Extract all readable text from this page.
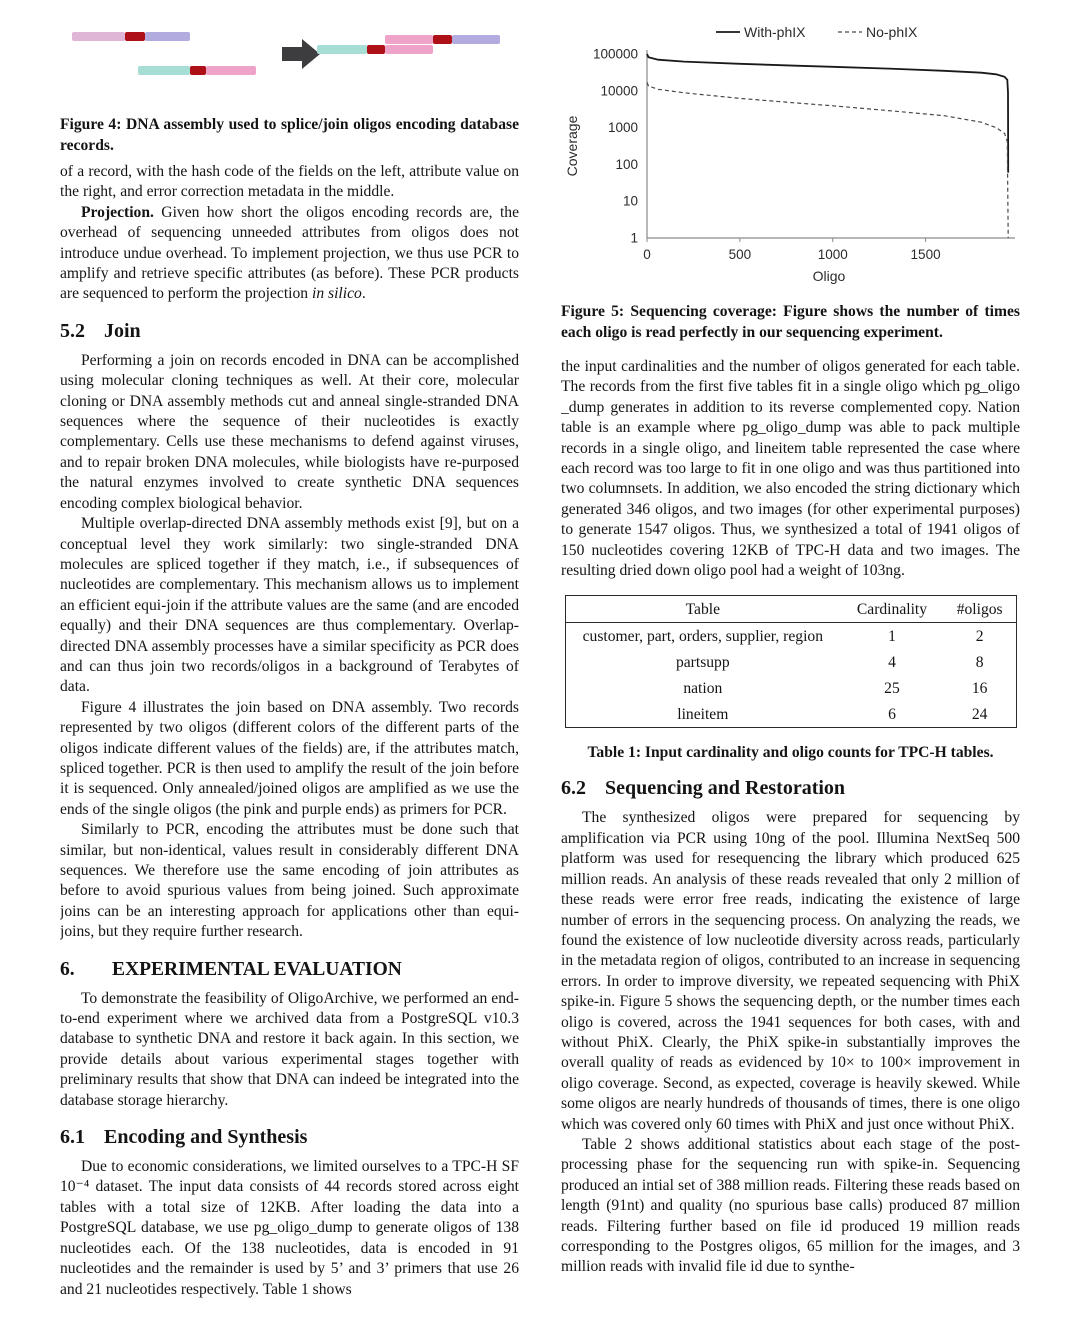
Figure 4: DNA assembly used to splice/join oligos encoding database records.

of a record, with the hash code of the fields on the left, attribute value on the right, and error correction metadata in the middle.

Projection. Given how short the oligos encoding records are, the overhead of sequencing unneeded attributes from oligos does not introduce undue overhead. To implement projection, we thus use PCR to amplify and retrieve specific attributes (as before). These PCR products are sequenced to perform the projection in silico.

5.2 Join

Performing a join on records encoded in DNA can be accomplished using molecular cloning techniques as well. At their core, molecular cloning or DNA assembly methods cut and anneal single-stranded DNA sequences where the sequence of their nucleotides is exactly complementary. Cells use these mechanisms to defend against viruses, and to repair broken DNA molecules, while biologists have re-purposed the natural enzymes involved to create synthetic DNA sequences encoding complex biological behavior.

Multiple overlap-directed DNA assembly methods exist [9], but on a conceptual level they work similarly: two single-stranded DNA molecules are spliced together if they match, i.e., if subsequences of nucleotides are complementary. This mechanism allows us to implement an efficient equi-join if the attribute values are the same (and are encoded equally) and their DNA sequences are thus complementary. Overlap-directed DNA assembly processes have a similar specificity as PCR does and can thus join two records/oligos in a background of Terabytes of data.

Figure 4 illustrates the join based on DNA assembly. Two records represented by two oligos (different colors of the different parts of the oligos indicate different values of the fields) are, if the attributes match, spliced together. PCR is then used to amplify the result of the join before it is sequenced. Only annealed/joined oligos are amplified as we use the ends of the single oligos (the pink and purple ends) as primers for PCR.

Similarly to PCR, encoding the attributes must be done such that similar, but non-identical, values result in considerably different DNA sequences. We therefore use the same encoding of join attributes as before to avoid spurious values from being joined. Such approximate joins can be an interesting approach for applications other than equi-joins, but they require further research.

6. EXPERIMENTAL EVALUATION

To demonstrate the feasibility of OligoArchive, we performed an end-to-end experiment where we archived data from a PostgreSQL v10.3 database to synthetic DNA and restore it back again. In this section, we provide details about various experimental stages together with preliminary results that show that DNA can indeed be integrated into the database storage hierarchy.

6.1 Encoding and Synthesis

Due to economic considerations, we limited ourselves to a TPC-H SF 10⁻⁴ dataset. The input data consists of 44 records stored across eight tables with a total size of 12KB. After loading the data into a PostgreSQL database, we use pg_oligo_dump to generate oligos of 138 nucleotides each. Of the 138 nucleotides, data is encoded in 91 nucleotides and the remainder is used by 5’ and 3’ primers that use 26 and 21 nucleotides respectively. Table 1 shows

1
10
100
1000
10000
100000
0	500	1000	1500
Coverage
Oligo
With-phIX	No-phIX
Figure 5: Sequencing coverage: Figure shows the number of times each oligo is read perfectly in our sequencing experiment.

the input cardinalities and the number of oligos generated for each table. The records from the first five tables fit in a single oligo which pg_oligo _dump generates in addition to its reverse complemented copy. Nation table is an example where pg_oligo_dump was able to pack multiple records in a single oligo, and lineitem table represented the case where each record was too large to fit in one oligo and was thus partitioned into two columnsets. In addition, we also encoded the string dictionary which generated 346 oligos, and two images (for other experimental purposes) to generate 1547 oligos. Thus, we synthesized a total of 1941 oligos of 150 nucleotides covering 12KB of TPC-H data and two images. The resulting dried down oligo pool had a weight of 103ng.

Table	Cardinality	#oligos
customer, part, orders, supplier, region	1	2
partsupp	4	8
nation	25	16
lineitem	6	24
Table 1: Input cardinality and oligo counts for TPC-H tables.
6.2 Sequencing and Restoration

The synthesized oligos were prepared for sequencing by amplification via PCR using 10ng of the pool. Illumina NextSeq 500 platform was used for resequencing the library which produced 625 million reads. An analysis of these reads revealed that only 2 million of these reads were error free reads, indicating the existence of large number of errors in the sequencing process. On analyzing the reads, we found the existence of low nucleotide diversity across reads, particularly in the metadata region of oligos, contributed to an increase in sequencing errors. In order to improve diversity, we repeated sequencing with PhiX spike-in. Figure 5 shows the sequencing depth, or the number times each oligo is covered, across the 1941 sequences for both cases, with and without PhiX. Clearly, the PhiX spike-in substantially improves the overall quality of reads as evidenced by 10× to 100× improvement in oligo coverage. Second, as expected, coverage is heavily skewed. While some oligos are nearly hundreds of thousands of times, there is one oligo which was covered only 60 times with PhiX and just once without PhiX.

Table 2 shows additional statistics about each stage of the post-processing phase for the sequencing run with spike-in. Sequencing produced an intial set of 388 million reads. Filtering these reads based on length (91nt) and quality (no spurious base calls) produced 87 million reads. Filtering further based on file id produced 19 million reads corresponding to the Postgres oligos, 65 million for the images, and 3 million reads with invalid file id due to synthe-
